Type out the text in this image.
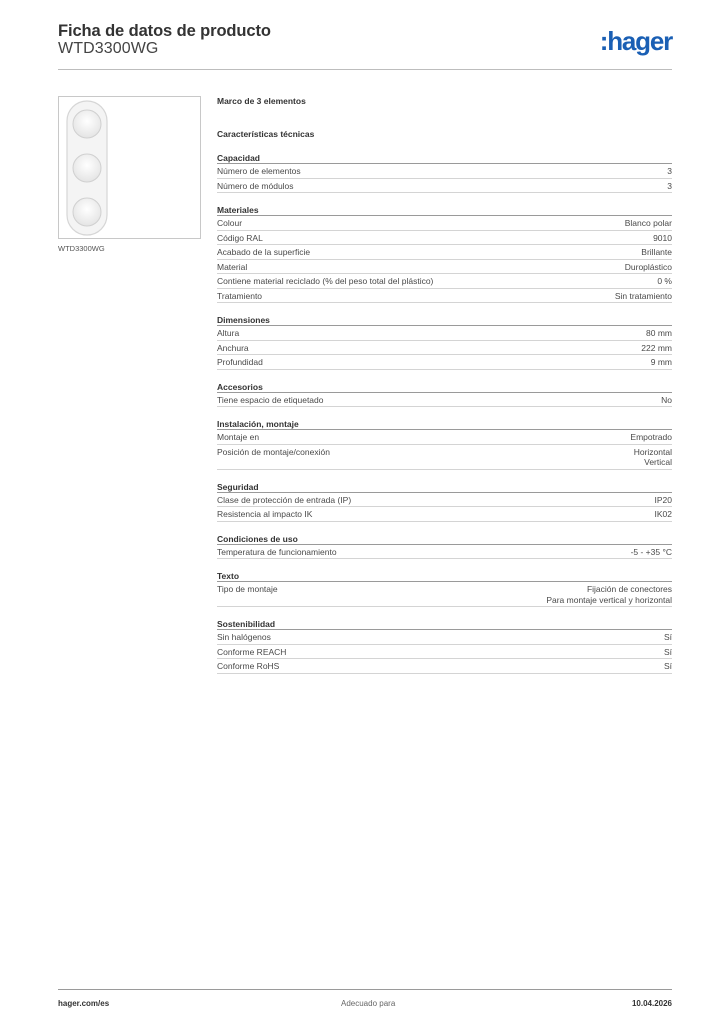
Ficha de datos de producto
WTD3300WG	:hager
WTD3300WG
Marco de 3 elementos
Características técnicas
Capacidad
Número de elementos	3
Número de módulos	3
Materiales
Colour	Blanco polar
Código RAL	9010
Acabado de la superficie	Brillante
Material	Duroplástico
Contiene material reciclado (% del peso total del plástico)	0 %
Tratamiento	Sin tratamiento
Dimensiones
Altura	80 mm
Anchura	222 mm
Profundidad	9 mm
Accesorios
Tiene espacio de etiquetado	No
Instalación, montaje
Montaje en	Empotrado
Posición de montaje/conexión	Horizontal
Vertical
Seguridad
Clase de protección de entrada (IP)	IP20
Resistencia al impacto IK	IK02
Condiciones de uso
Temperatura de funcionamiento	-5 - +35 °C
Texto
Tipo de montaje	Fijación de conectores
Para montaje vertical y horizontal
Sostenibilidad
Sin halógenos	Sí
Conforme REACH	Sí
Conforme RoHS	Sí
hager.com/es	Adecuado para	10.04.2026
